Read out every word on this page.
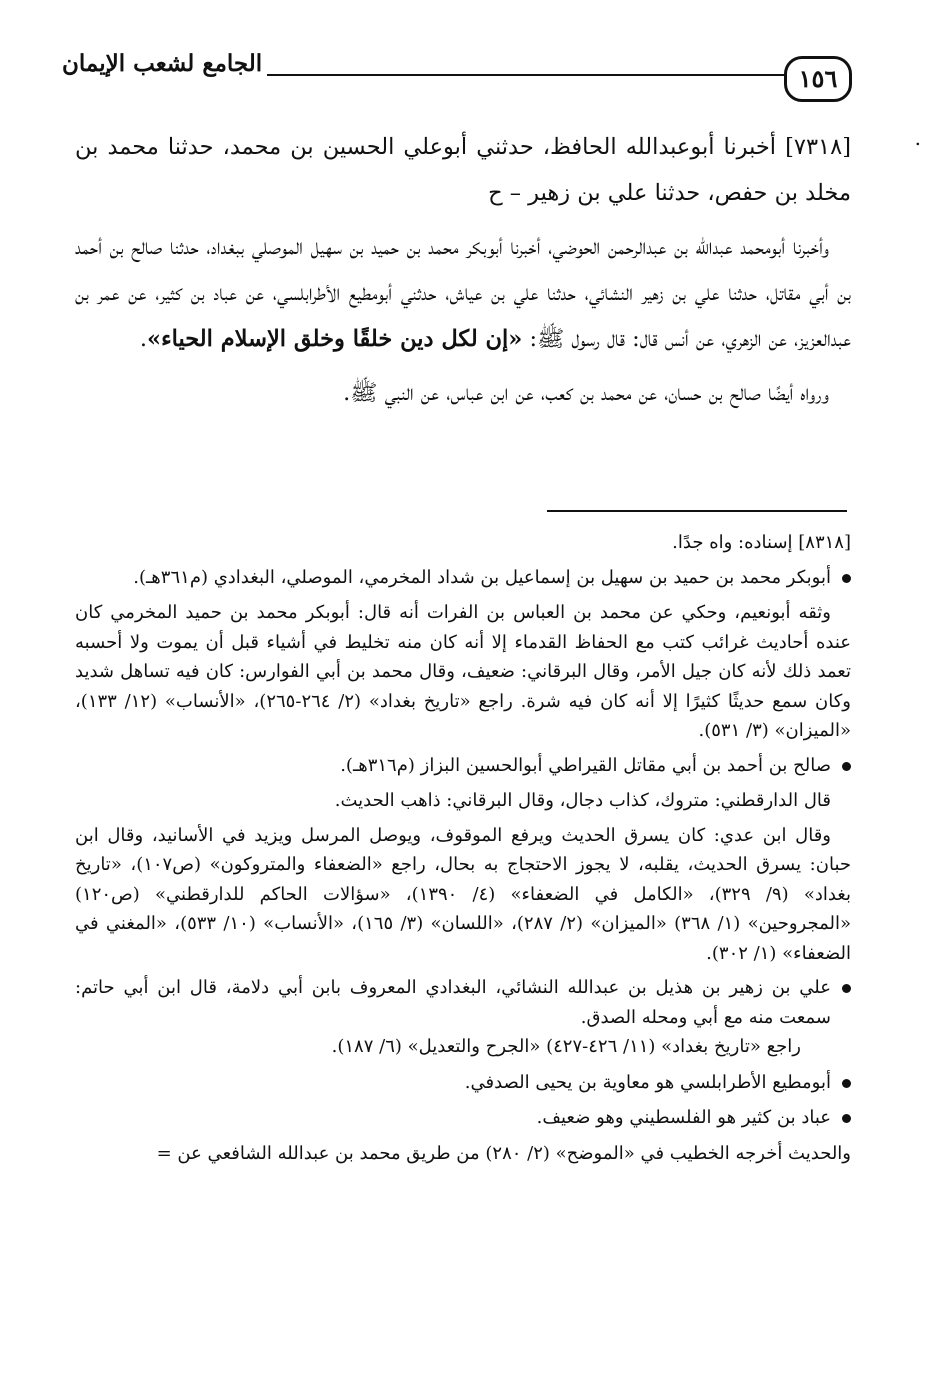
١٥٦
الجامع لشعب الإيمان
.

[٧٣١٨] أخبرنا أبوعبدالله الحافظ، حدثني أبوعلي الحسين بن محمد، حدثنا محمد بن مخلد بن حفص، حدثنا علي بن زهير – ح

وأخبرنا أبومحمد عبدالله بن عبدالرحمن الحوضي، أخبرنا أبوبكر محمد بن حميد بن سهيل الموصلي ببغداد، حدثنا صالح بن أحمد بن أبي مقاتل، حدثنا علي بن زهير النشائي، حدثنا علي بن عياش، حدثني أبومطيع الأطرابلسي، عن عباد بن كثير، عن عمر بن عبدالعزيز، عن الزهري، عن أنس قال: قال رسول ﷺ: «إن لكل دين خلقًا وخلق الإسلام الحياء».

ورواه أيضًا صالح بن حسان، عن محمد بن كعب، عن ابن عباس، عن النبي ﷺ.

[٨٣١٨] إسناده: واه جدًا.

أبوبكر محمد بن حميد بن سهيل بن إسماعيل بن شداد المخرمي، الموصلي، البغدادي (م٣٦١هـ).

وثقه أبونعيم، وحكي عن محمد بن العباس بن الفرات أنه قال: أبوبكر محمد بن حميد المخرمي كان عنده أحاديث غرائب كتب مع الحفاظ القدماء إلا أنه كان منه تخليط في أشياء قبل أن يموت ولا أحسبه تعمد ذلك لأنه كان جيل الأمر، وقال البرقاني: ضعيف، وقال محمد بن أبي الفوارس: كان فيه تساهل شديد وكان سمع حديثًا كثيرًا إلا أنه كان فيه شرة. راجع «تاريخ بغداد» (٢/ ٢٦٤-٢٦٥)، «الأنساب» (١٢/ ١٣٣)، «الميزان» (٣/ ٥٣١).

صالح بن أحمد بن أبي مقاتل القيراطي أبوالحسين البزاز (م٣١٦هـ).

قال الدارقطني: متروك، كذاب دجال، وقال البرقاني: ذاهب الحديث.

وقال ابن عدي: كان يسرق الحديث ويرفع الموقوف، ويوصل المرسل ويزيد في الأسانيد، وقال ابن حبان: يسرق الحديث، يقلبه، لا يجوز الاحتجاج به بحال، راجع «الضعفاء والمتروكون» (ص١٠٧)، «تاريخ بغداد» (٩/ ٣٢٩)، «الكامل في الضعفاء» (٤/ ١٣٩٠)، «سؤالات الحاكم للدارقطني» (ص١٢٠) «المجروحين» (١/ ٣٦٨) «الميزان» (٢/ ٢٨٧)، «اللسان» (٣/ ١٦٥)، «الأنساب» (١٠/ ٥٣٣)، «المغني في الضعفاء» (١/ ٣٠٢).

علي بن زهير بن هذيل بن عبدالله النشائي، البغدادي المعروف بابن أبي دلامة، قال ابن أبي حاتم: سمعت منه مع أبي ومحله الصدق.
راجع «تاريخ بغداد» (١١/ ٤٢٦-٤٢٧) «الجرح والتعديل» (٦/ ١٨٧).
أبومطيع الأطرابلسي هو معاوية بن يحيى الصدفي.
عباد بن كثير هو الفلسطيني وهو ضعيف.

والحديث أخرجه الخطيب في «الموضح» (٢/ ٢٨٠) من طريق محمد بن عبدالله الشافعي عن =
